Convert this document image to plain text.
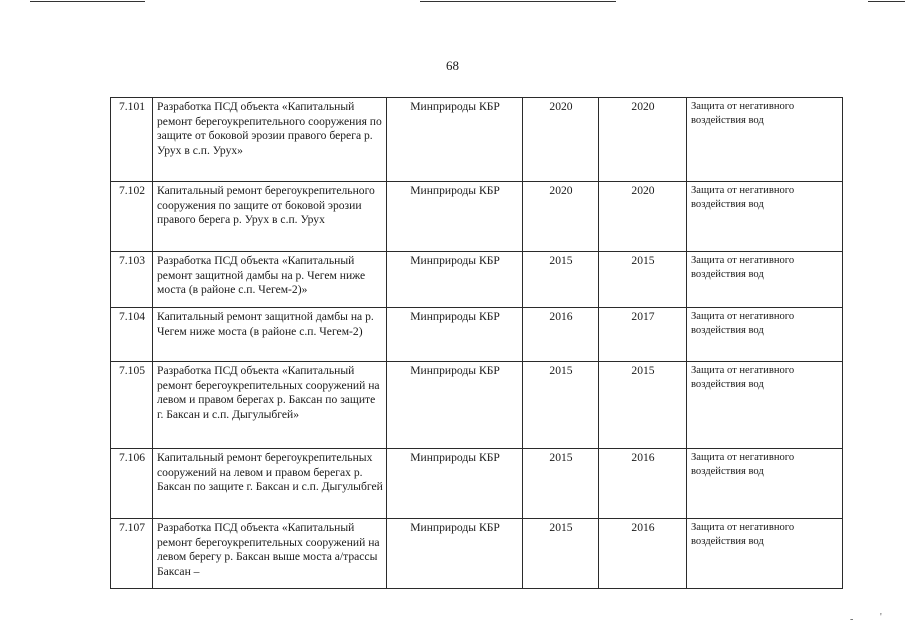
68
7.101	Разработка ПСД объекта «Капитальный ремонт берегоукрепительного сооружения по защите от боковой эрозии правого берега р. Урух в с.п. Урух»	Минприроды КБР	2020	2020	Защита от негативного воздействия вод
7.102	Капитальный ремонт берегоукрепительного сооружения по защите от боковой эрозии правого берега р. Урух в с.п. Урух	Минприроды КБР	2020	2020	Защита от негативного воздействия вод
7.103	Разработка ПСД объекта «Капитальный ремонт защитной дамбы на р. Чегем ниже моста (в районе с.п. Чегем-2)»	Минприроды КБР	2015	2015	Защита от негативного воздействия вод
7.104	Капитальный ремонт защитной дамбы на р. Чегем ниже моста (в районе с.п. Чегем-2)	Минприроды КБР	2016	2017	Защита от негативного воздействия вод
7.105	Разработка ПСД объекта «Капитальный ремонт берегоукрепительных сооружений на левом и правом берегах р. Баксан по защите г. Баксан и с.п. Дыгулыбгей»	Минприроды КБР	2015	2015	Защита от негативного воздействия вод
7.106	Капитальный ремонт берегоукрепительных сооружений на левом и правом берегах р. Баксан по защите г. Баксан и с.п. Дыгулыбгей	Минприроды КБР	2015	2016	Защита от негативного воздействия вод
7.107	Разработка ПСД объекта «Капитальный ремонт берегоукрепительных сооружений на левом берегу р. Баксан выше моста а/трассы Баксан –	Минприроды КБР	2015	2016	Защита от негативного воздействия вод
-	'
